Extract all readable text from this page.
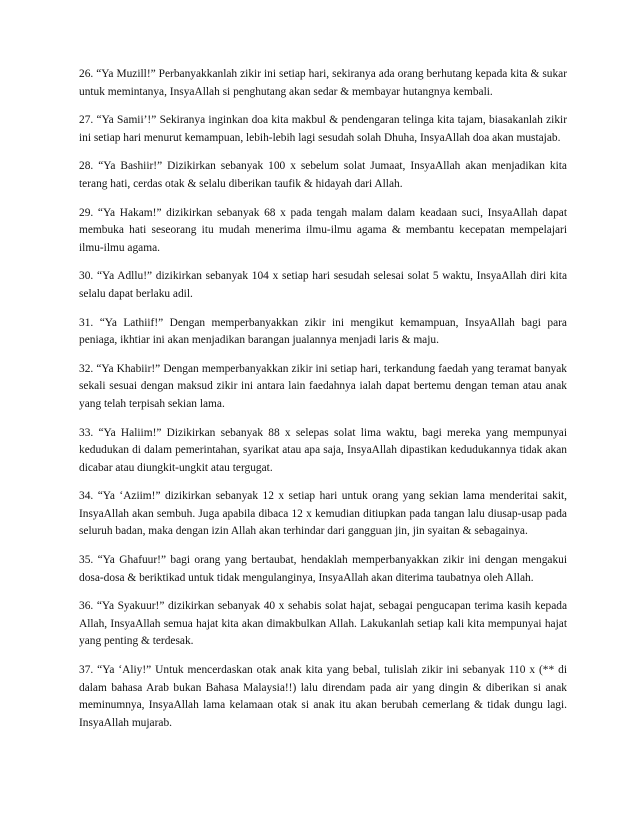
26. “Ya Muzill!” Perbanyakkanlah zikir ini setiap hari, sekiranya ada orang berhutang kepada kita & sukar untuk memintanya, InsyaAllah si penghutang akan sedar & membayar hutangnya kembali.

27. “Ya Samii’!” Sekiranya inginkan doa kita makbul & pendengaran telinga kita tajam, biasakanlah zikir ini setiap hari menurut kemampuan, lebih-lebih lagi sesudah solah Dhuha, InsyaAllah doa akan mustajab.

28. “Ya Bashiir!” Dizikirkan sebanyak 100 x sebelum solat Jumaat, InsyaAllah akan menjadikan kita terang hati, cerdas otak & selalu diberikan taufik & hidayah dari Allah.

29. “Ya Hakam!” dizikirkan sebanyak 68 x pada tengah malam dalam keadaan suci, InsyaAllah dapat membuka hati seseorang itu mudah menerima ilmu-ilmu agama & membantu kecepatan mempelajari ilmu-ilmu agama.

30. “Ya Adllu!” dizikirkan sebanyak 104 x setiap hari sesudah selesai solat 5 waktu, InsyaAllah diri kita selalu dapat berlaku adil.

31. “Ya Lathiif!” Dengan memperbanyakkan zikir ini mengikut kemampuan, InsyaAllah bagi para peniaga, ikhtiar ini akan menjadikan barangan jualannya menjadi laris & maju.

32. “Ya Khabiir!” Dengan memperbanyakkan zikir ini setiap hari, terkandung faedah yang teramat banyak sekali sesuai dengan maksud zikir ini antara lain faedahnya ialah dapat bertemu dengan teman atau anak yang telah terpisah sekian lama.

33. “Ya Haliim!” Dizikirkan sebanyak 88 x selepas solat lima waktu, bagi mereka yang mempunyai kedudukan di dalam pemerintahan, syarikat atau apa saja, InsyaAllah dipastikan kedudukannya tidak akan dicabar atau diungkit-ungkit atau tergugat.

34. “Ya ‘Aziim!” dizikirkan sebanyak 12 x setiap hari untuk orang yang sekian lama menderitai sakit, InsyaAllah akan sembuh. Juga apabila dibaca 12 x kemudian ditiupkan pada tangan lalu diusap-usap pada seluruh badan, maka dengan izin Allah akan terhindar dari gangguan jin, jin syaitan & sebagainya.

35. “Ya Ghafuur!” bagi orang yang bertaubat, hendaklah memperbanyakkan zikir ini dengan mengakui dosa-dosa & beriktikad untuk tidak mengulanginya, InsyaAllah akan diterima taubatnya oleh Allah.

36. “Ya Syakuur!” dizikirkan sebanyak 40 x sehabis solat hajat, sebagai pengucapan terima kasih kepada Allah, InsyaAllah semua hajat kita akan dimakbulkan Allah. Lakukanlah setiap kali kita mempunyai hajat yang penting & terdesak.

37. “Ya ‘Aliy!” Untuk mencerdaskan otak anak kita yang bebal, tulislah zikir ini sebanyak 110 x (** di dalam bahasa Arab bukan Bahasa Malaysia!!) lalu direndam pada air yang dingin & diberikan si anak meminumnya, InsyaAllah lama kelamaan otak si anak itu akan berubah cemerlang & tidak dungu lagi. InsyaAllah mujarab.
